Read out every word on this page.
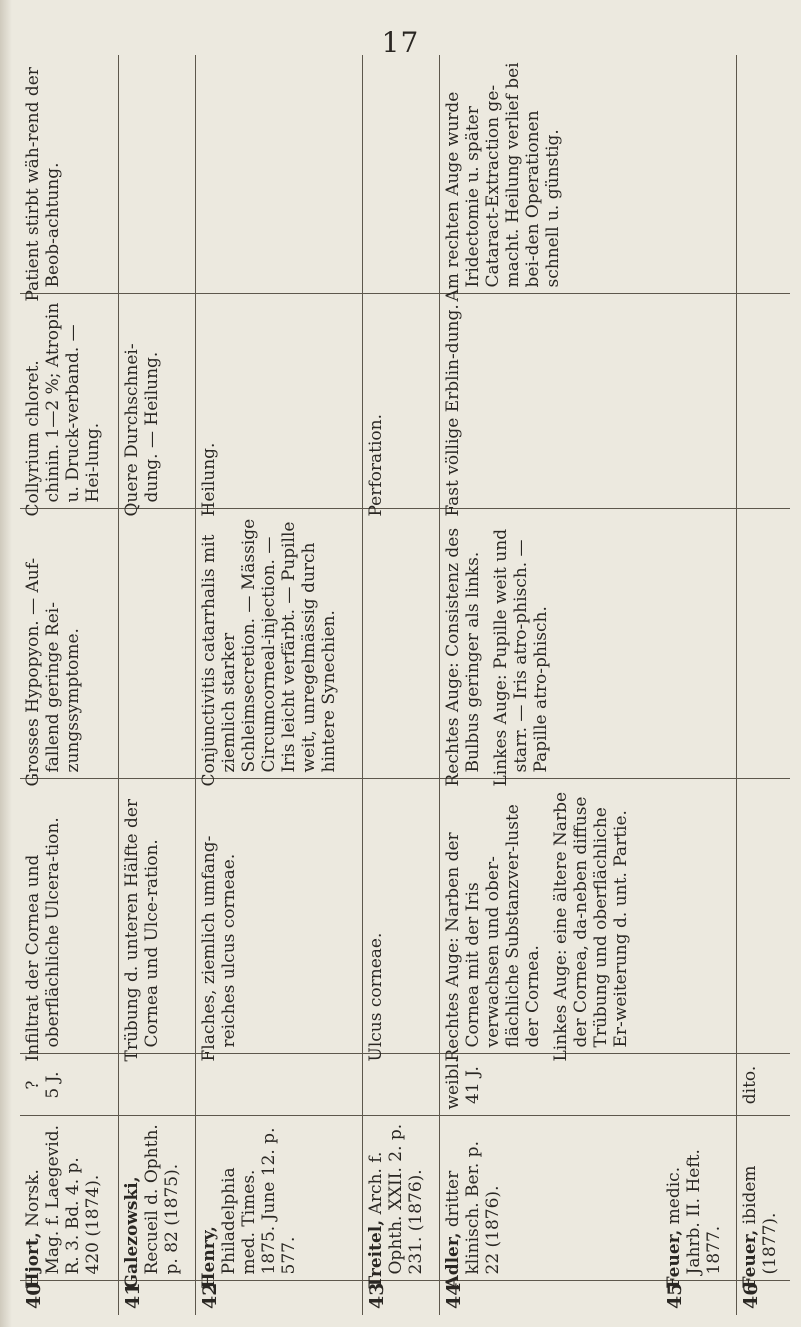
17
40	Hjort, Norsk. Mag. f. Laegevid. R. 3. Bd. 4. p. 420 (1874).	? 5 J.	Infiltrat der Cornea und oberflächliche Ulcera-tion.	Grosses Hypopyon. — Auf-fallend geringe Rei-zungssymptome.	Collyrium chloret. chinin. 1—2 %; Atropin u. Druck-verband. — Hei-lung.	Patient stirbt wäh-rend der Beob-achtung.

41	Galezowski, Recueil d. Ophth. p. 82 (1875).		Trübung d. unteren Hälfte der Cornea und Ulce-ration.		Quere Durchschnei-dung. — Heilung.	

42	Henry, Philadelphia med. Times. 1875. June 12. p. 577.		Flaches, ziemlich umfang-reiches ulcus corneae.	Conjunctivitis catarrhalis mit ziemlich starker Schleimsecretion. — Mässige Circumcorneal-injection. — Iris leicht verfärbt. — Pupille weit, unregelmässig durch hintere Synechien.	Heilung.	

43	Treitel, Arch. f. Ophth. XXII. 2. p. 231. (1876).		Ulcus corneae.		Perforation.	

44	Adler, dritter klinisch. Ber. p. 22 (1876).	weibl. 41 J.	Rechtes Auge: Narben der Cornea mit der Iris verwachsen und ober-flächliche Substanzver-luste der Cornea. Linkes Auge: eine ältere Narbe der Cornea, da-neben diffuse Trübung und oberflächliche Er-weiterung d. unt. Partie.	Rechtes Auge: Consistenz des Bulbus geringer als links. Linkes Auge: Pupille weit und starr. — Iris atro-phisch. — Papille atro-phisch.	Fast völlige Erblin-dung.	Am rechten Auge wurde Iridectomie u. später Cataract-Extraction ge-macht. Heilung verlief bei bei-den Operationen schnell u. günstig.

45	Feuer, medic. Jahrb. II. Heft. 1877.					
46	Feuer, ibidem (1877).	dito.				
